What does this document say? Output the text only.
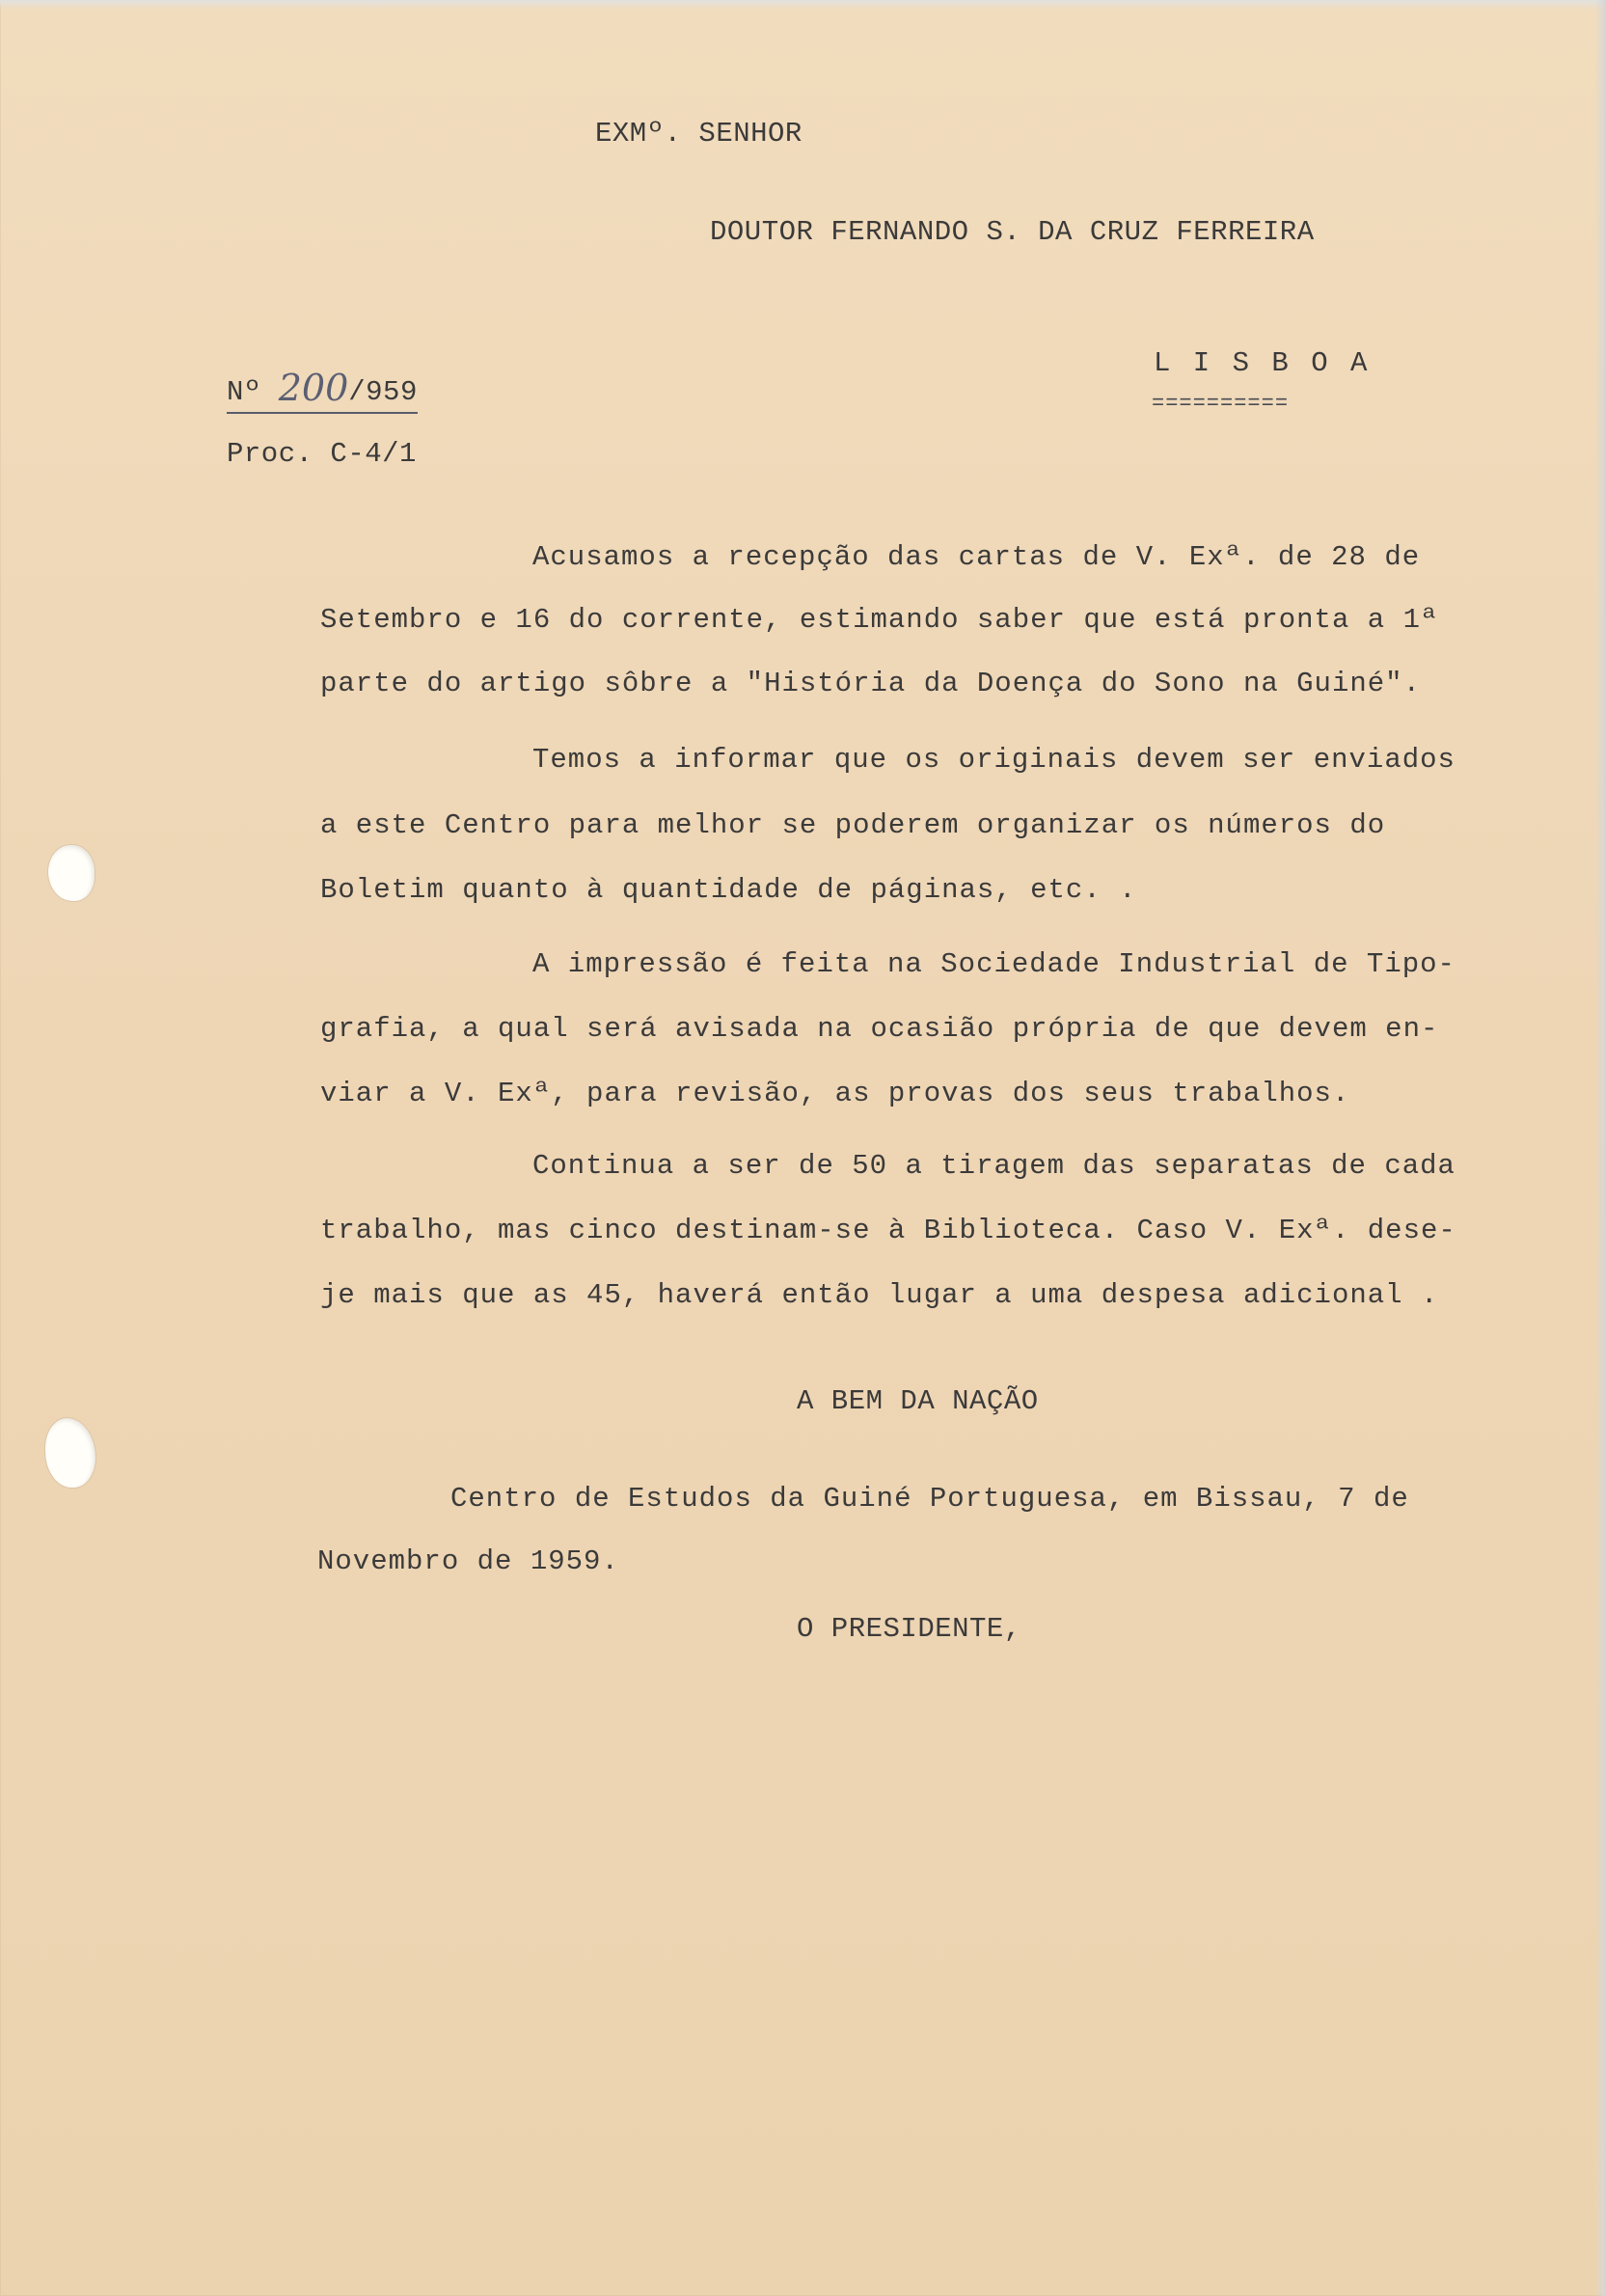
EXMº. SENHOR
DOUTOR FERNANDO S. DA CRUZ FERREIRA
L I S B O A
==========
Nº 200/959
Proc. C-4/1
Acusamos a recepção das cartas de V. Exª. de 28 de
Setembro e 16 do corrente, estimando saber que está pronta a 1ª
parte do artigo sôbre a "História da Doença do Sono na Guiné".
Temos a informar que os originais devem ser enviados
a este Centro para melhor se poderem organizar os números do
Boletim quanto à quantidade de páginas, etc. .
A impressão é feita na Sociedade Industrial de Tipo-
grafia, a qual será avisada na ocasião própria de que devem en-
viar a V. Exª, para revisão, as provas dos seus trabalhos.
Continua a ser de 50 a tiragem das separatas de cada
trabalho, mas cinco destinam-se à Biblioteca. Caso V. Exª. dese-
je mais que as 45, haverá então lugar a uma despesa adicional .
A BEM DA NAÇÃO
Centro de Estudos da Guiné Portuguesa, em Bissau, 7 de
Novembro de 1959.
O PRESIDENTE,
